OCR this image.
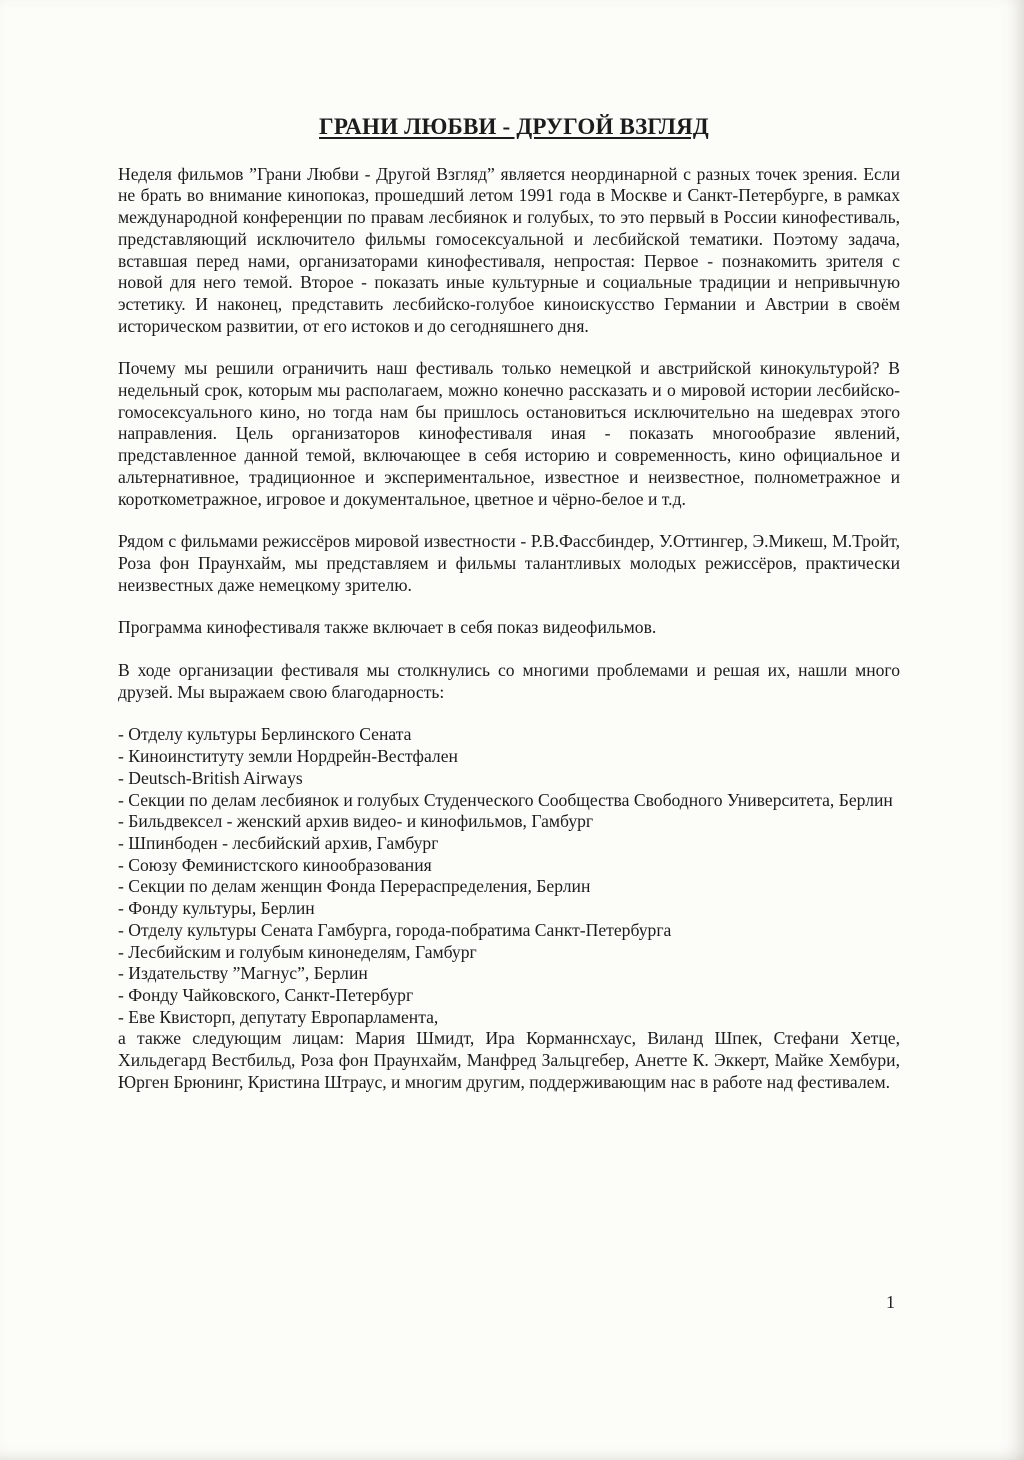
ГРАНИ ЛЮБВИ - ДРУГОЙ ВЗГЛЯД

Неделя фильмов ”Грани Любви - Другой Взгляд” является неординарной с разных точек зрения. Если не брать во внимание кинопоказ, прошедший летом 1991 года в Москве и Санкт-Петербурге, в рамках международной конференции по правам лесбиянок и голубых, то это первый в России кинофестиваль, представляющий исключитело фильмы гомосексуальной и лесбийской тематики. Поэтому задача, вставшая перед нами, организаторами кинофестиваля, непростая: Первое - познакомить зрителя с новой для него темой. Второе - показать иные культурные и социальные традиции и непривычную эстетику. И наконец, представить лесбийско-голубое киноискусство Германии и Австрии в своём историческом развитии, от его истоков и до сегодняшнего дня.

Почему мы решили ограничить наш фестиваль только немецкой и австрийской кинокультурой? В недельный срок, которым мы располагаем, можно конечно рассказать и о мировой истории лесбийско-гомосексуального кино, но тогда нам бы пришлось остановиться исключительно на шедеврах этого направления. Цель организаторов кинофестиваля иная - показать многообразие явлений, представленное данной темой, включающее в себя историю и современность, кино официальное и альтернативное, традиционное и экспериментальное, известное и неизвестное, полнометражное и короткометражное, игровое и документальное, цветное и чёрно-белое и т.д.

Рядом с фильмами режиссёров мировой известности - Р.В.Фассбиндер, У.Оттингер, Э.Микеш, М.Тройт, Роза фон Праунхайм, мы представляем и фильмы талантливых молодых режиссёров, практически неизвестных даже немецкому зрителю.

Программа кинофестиваля также включает в себя показ видеофильмов.

В ходе организации фестиваля мы столкнулись со многими проблемами и решая их, нашли много друзей. Мы выражаем свою благодарность:

- Отделу культуры Берлинского Сената
- Киноинституту земли Нордрейн-Вестфален
- Deutsch-British Airways
- Секции по делам лесбиянок и голубых Студенческого Сообщества Свободного Университета, Берлин
- Бильдвексел - женский архив видео- и кинофильмов, Гамбург
- Шпинбоден - лесбийский архив, Гамбург
- Союзу Феминистского кинообразования
- Секции по делам женщин Фонда Перераспределения, Берлин
- Фонду культуры, Берлин
- Отделу культуры Сената Гамбурга, города-побратима Санкт-Петербурга
- Лесбийским и голубым кинонеделям, Гамбург
- Издательству ”Магнус”, Берлин
- Фонду Чайковского, Санкт-Петербург
- Еве Квисторп, депутату Европарламента,

а также следующим лицам: Мария Шмидт, Ира Корманнсхаус, Виланд Шпек, Стефани Хетце, Хильдегард Вестбильд, Роза фон Праунхайм, Манфред Зальцгебер, Анетте К. Эккерт, Майке Хембури, Юрген Брюнинг, Кристина Штраус, и многим другим, поддерживающим нас в работе над фестивалем.

1
